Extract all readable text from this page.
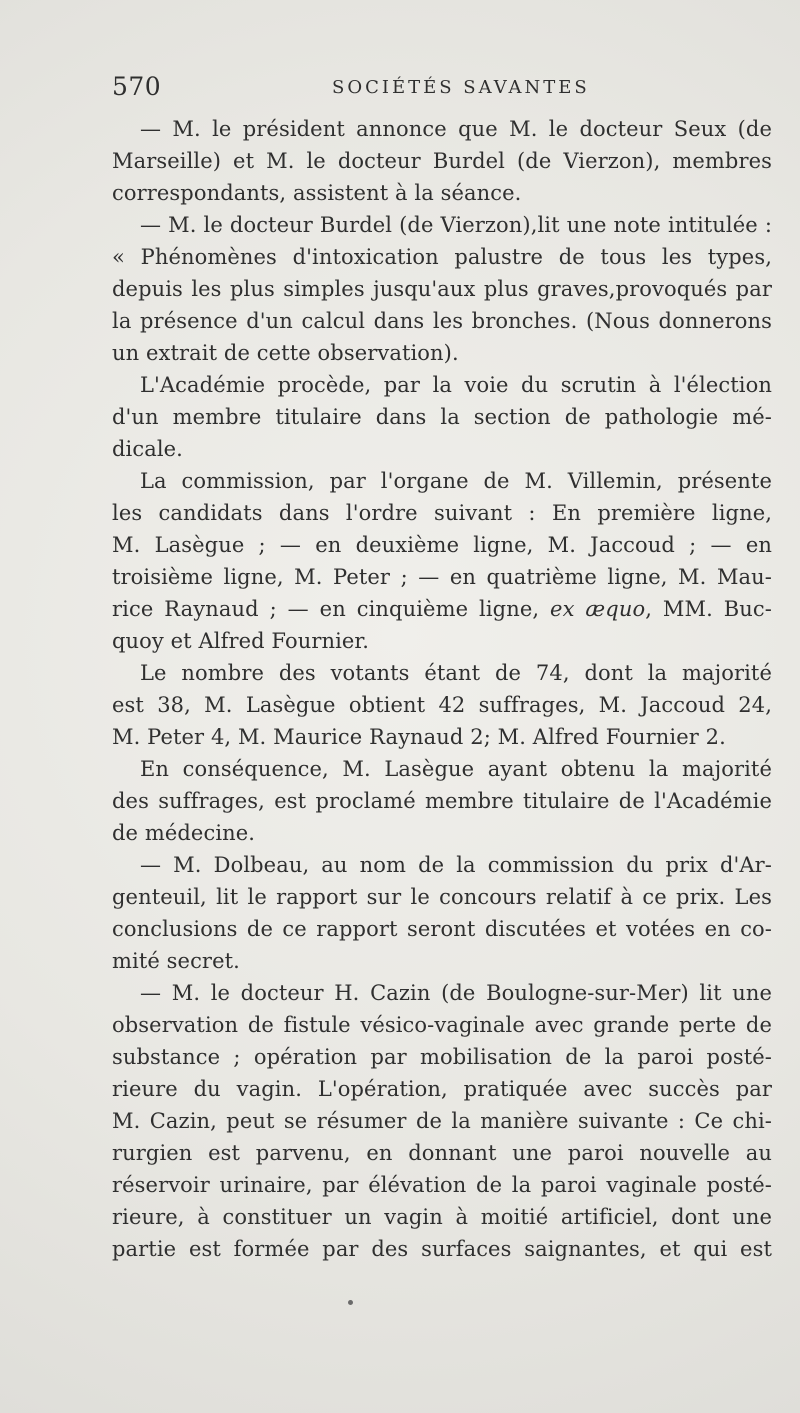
570	SOCIÉTÉS SAVANTES
— M. le président annonce que M. le docteur Seux (de
Marseille) et M. le docteur Burdel (de Vierzon), membres
correspondants, assistent à la séance.
— M. le docteur Burdel (de Vierzon),lit une note intitulée :
« Phénomènes d'intoxication palustre de tous les types,
depuis les plus simples jusqu'aux plus graves,provoqués par
la présence d'un calcul dans les bronches. (Nous donnerons
un extrait de cette observation).
L'Académie procède, par la voie du scrutin à l'élection
d'un membre titulaire dans la section de pathologie mé-
dicale.
La commission, par l'organe de M. Villemin, présente
les candidats dans l'ordre suivant : En première ligne,
M. Lasègue ; — en deuxième ligne, M. Jaccoud ; — en
troisième ligne, M. Peter ; — en quatrième ligne, M. Mau-
rice Raynaud ; — en cinquième ligne, ex æquo, MM. Buc-
quoy et Alfred Fournier.
Le nombre des votants étant de 74, dont la majorité
est 38, M. Lasègue obtient 42 suffrages, M. Jaccoud 24,
M. Peter 4, M. Maurice Raynaud 2; M. Alfred Fournier 2.
En conséquence, M. Lasègue ayant obtenu la majorité
des suffrages, est proclamé membre titulaire de l'Académie
de médecine.
— M. Dolbeau, au nom de la commission du prix d'Ar-
genteuil, lit le rapport sur le concours relatif à ce prix. Les
conclusions de ce rapport seront discutées et votées en co-
mité secret.
— M. le docteur H. Cazin (de Boulogne-sur-Mer) lit une
observation de fistule vésico-vaginale avec grande perte de
substance ; opération par mobilisation de la paroi posté-
rieure du vagin. L'opération, pratiquée avec succès par
M. Cazin, peut se résumer de la manière suivante : Ce chi-
rurgien est parvenu, en donnant une paroi nouvelle au
réservoir urinaire, par élévation de la paroi vaginale posté-
rieure, à constituer un vagin à moitié artificiel, dont une
partie est formée par des surfaces saignantes, et qui est
